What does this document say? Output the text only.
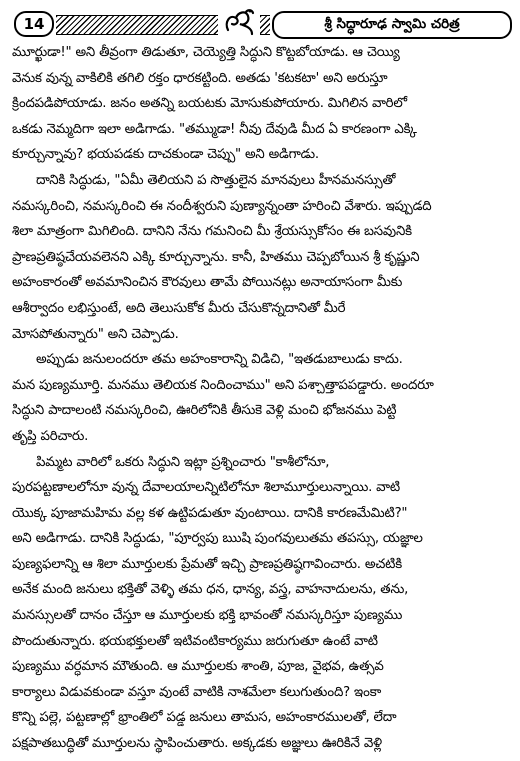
14	శ్రీ సిద్ధారూఢ స్వామి చరిత్ర
మూర్ఖుడా!" అని తీవ్రంగా తిడుతూ, చెయ్యెత్తి సిద్ధుని కొట్టబోయాడు. ఆ చెయ్యి
వెనుక వున్న వాకిలికి తగిలి రక్తం ధారకట్టింది. అతడు 'కటకటా' అని అరుస్తూ
క్రిందపడిపోయాడు. జనం అతన్ని బయటకు మోసుకుపోయారు. మిగిలిన వారిలో
ఒకడు నెమ్మదిగా ఇలా అడిగాడు. "తమ్ముడా! నీవు దేవుడి మీద ఏ కారణంగా ఎక్కి
కూర్చున్నావు? భయపడకు దాచకుండా చెప్పు" అని అడిగాడు.
దానికి సిద్ధుడు, "ఏమీ తెలియని ప సొత్తులైన మానవులు హీనమనస్సుతో
నమస్కరించి, నమస్కరించి ఈ నందీశ్వరుని పుణ్యాన్నంతా హరించి వేశారు. ఇప్పుడది
శిలా మాత్రంగా మిగిలింది. దానిని నేను గమనించి మీ శ్రేయస్సుకోసం ఈ బసవునికి
ప్రాణప్రతిష్ఠచేయవలెనని ఎక్కి కూర్చున్నాను. కానీ, హితము చెప్పబోయిన శ్రీ కృష్ణుని
అహంకారంతో అవమానించిన కౌరవులు తామే పోయినట్లు అనాయాసంగా మీకు
ఆశీర్వాదం లభిస్తుంటే, అది తెలుసుకోక మీరు చేసుకొన్నదానితో మీరే
మోసపోతున్నారు" అని చెప్పాడు.
అప్పుడు జనులందరూ తమ అహంకారాన్ని విడిచి, "ఇతడుబాలుడు కాదు.
మన పుణ్యమూర్తి. మనము తెలియక నిందించాము" అని పశ్చాత్తాపపడ్డారు. అందరూ
సిద్ధుని పాదాలంటి నమస్కరించి, ఊరిలోనికి తీసుకె వెళ్లి మంచి భోజనము పెట్టి
తృప్తి పరిచారు.
పిమ్మట వారిలో ఒకరు సిద్ధుని ఇట్లా ప్రశ్నించారు "కాశీలోనూ,
పురపట్టణాలలోనూ వున్న దేవాలయాలన్నిటిలోనూ శిలామూర్తులున్నాయి. వాటి
యొక్క పూజామహిమ వల్ల కళ ఉట్టిపడుతూ వుంటాయి. దానికి కారణమేమిటి?"
అని అడిగాడు. దానికి సిద్ధుడు, "పూర్వపు ఋషి పుంగవులుతమ తపస్సు, యజ్ఞాల
పుణ్యఫలాన్ని ఆ శిలా మూర్తులకు ప్రేమతో ఇచ్చి ప్రాణప్రతిష్ఠగావించారు. అచటికి
అనేక మంది జనులు భక్తితో వెళ్ళి తమ ధన, ధాన్య, వస్త్ర, వాహనాదులను, తను,
మనస్సులతో దానం చేస్తూ ఆ మూర్తులకు భక్తి భావంతో నమస్కరిస్తూ పుణ్యము
పొందుతున్నారు. భయభక్తులతో ఇటివంటికార్యము జరుగుతూ ఉంటే వాటి
పుణ్యము వర్ధమాన మౌతుంది. ఆ మూర్తులకు శాంతి, పూజ, వైభవ, ఉత్సవ
కార్యాలు విడువకుండా వస్తూ వుంటే వాటికి నాశమేలా కలుగుతుంది? ఇంకా
కొన్ని పల్లె, పట్టణాల్లో భ్రాంతిలో పడ్డ జనులు తామస, అహంకారములతో, లేదా
పక్షపాతబుద్ధితో మూర్తులను స్థాపించుతారు. అక్కడకు అజ్ఞులు ఊరికినే వెళ్లి
